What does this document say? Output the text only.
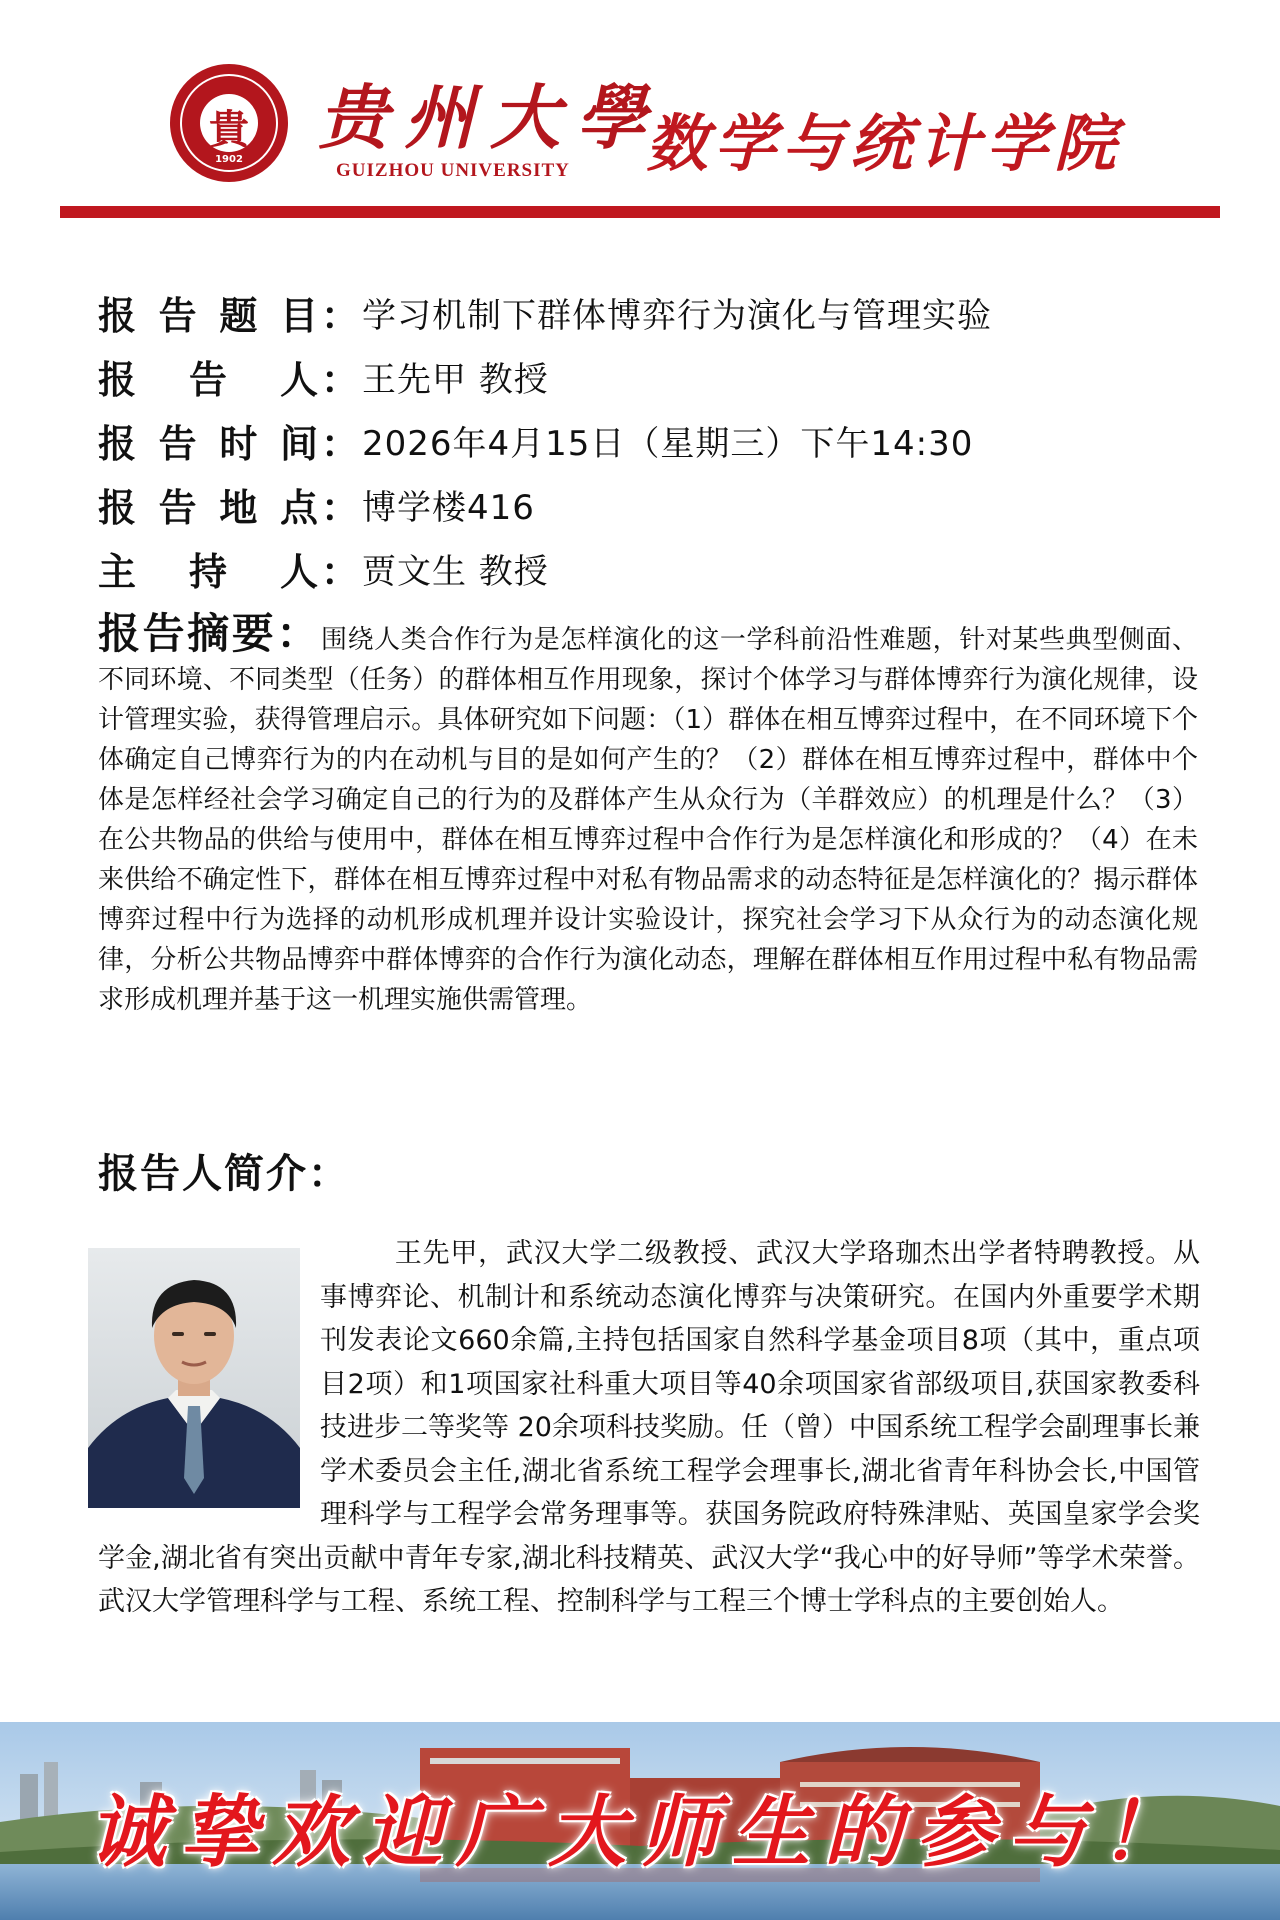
貴
1902
贵州大學
GUIZHOU UNIVERSITY 数学与统计学院
报告题目 ： 学习机制下群体博弈行为演化与管理实验
报告人 ： 王先甲 教授
报告时间 ： 2026年4月15日（星期三）下午14:30
报告地点 ： 博学楼416
主持人 ： 贾文生 教授
报告摘要：围绕人类合作行为是怎样演化的这一学科前沿性难题，针对某些典型侧面、不同环境、不同类型（任务）的群体相互作用现象，探讨个体学习与群体博弈行为演化规律，设计管理实验，获得管理启示。具体研究如下问题：（1）群体在相互博弈过程中，在不同环境下个体确定自己博弈行为的内在动机与目的是如何产生的？（2）群体在相互博弈过程中，群体中个体是怎样经社会学习确定自己的行为的及群体产生从众行为（羊群效应）的机理是什么？（3）在公共物品的供给与使用中，群体在相互博弈过程中合作行为是怎样演化和形成的？（4）在未来供给不确定性下，群体在相互博弈过程中对私有物品需求的动态特征是怎样演化的？揭示群体博弈过程中行为选择的动机形成机理并设计实验设计，探究社会学习下从众行为的动态演化规律，分析公共物品博弈中群体博弈的合作行为演化动态，理解在群体相互作用过程中私有物品需求形成机理并基于这一机理实施供需管理。
报告人简介：
王先甲，武汉大学二级教授、武汉大学珞珈杰出学者特聘教授。从事博弈论、机制计和系统动态演化博弈与决策研究。在国内外重要学术期刊发表论文660余篇,主持包括国家自然科学基金项目8项（其中，重点项目2项）和1项国家社科重大项目等40余项国家省部级项目,获国家教委科技进步二等奖等 20余项科技奖励。任（曾）中国系统工程学会副理事长兼学术委员会主任,湖北省系统工程学会理事长,湖北省青年科协会长,中国管理科学与工程学会常务理事等。获国务院政府特殊津贴、英国皇家学会奖学金,湖北省有突出贡献中青年专家,湖北科技精英、武汉大学“我心中的好导师”等学术荣誉。武汉大学管理科学与工程、系统工程、控制科学与工程三个博士学科点的主要创始人。
诚挚欢迎广大师生的参与！
